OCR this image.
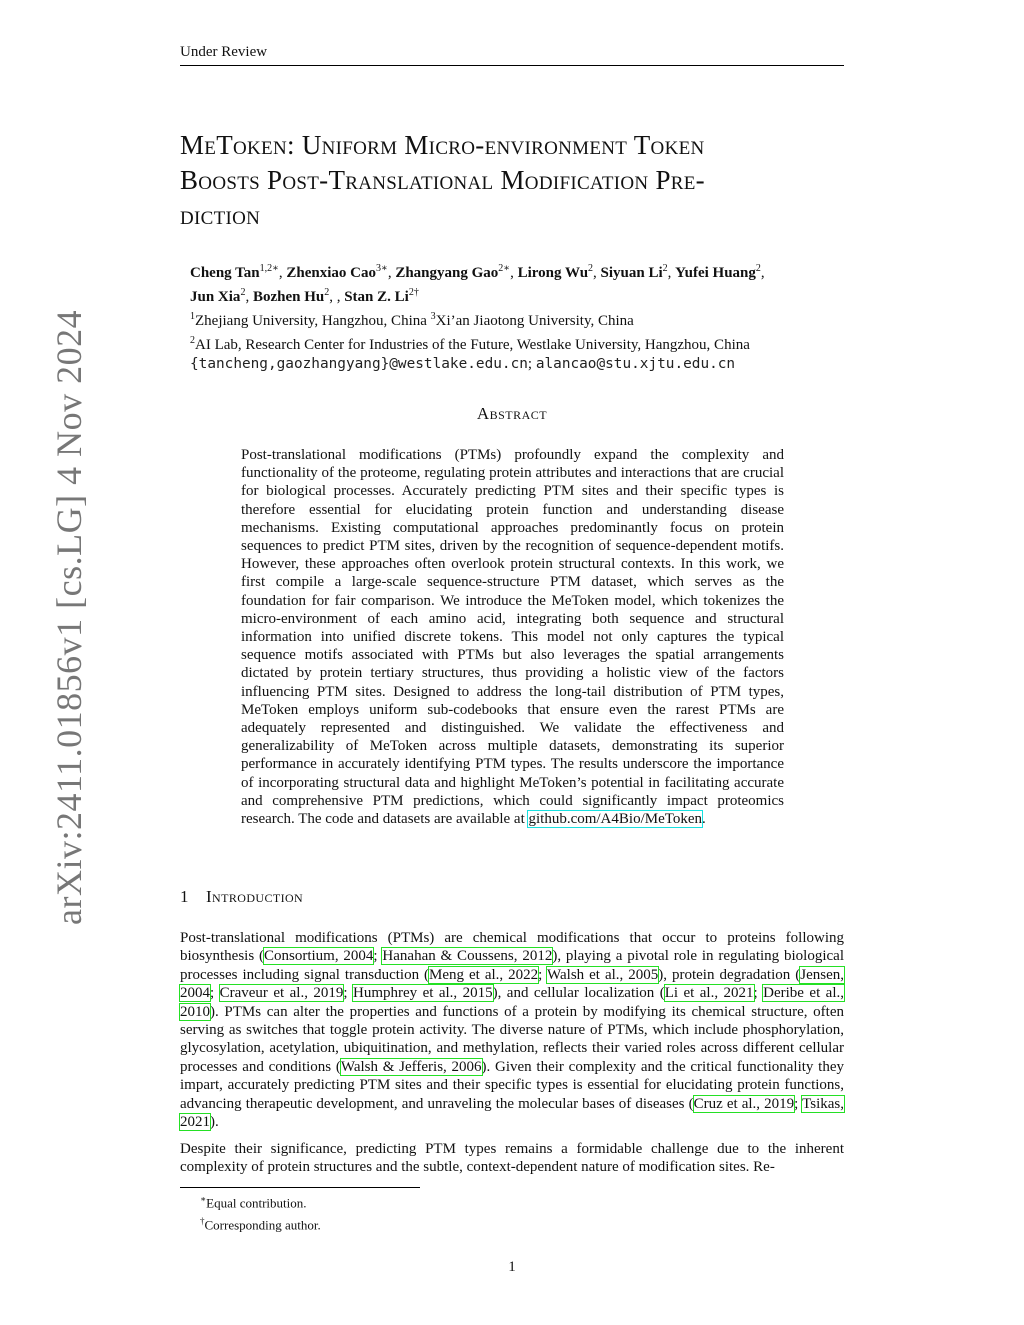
Under Review
arXiv:2411.01856v1 [cs.LG] 4 Nov 2024
MeToken: Uniform Micro-environment Token
Boosts Post-Translational Modification Pre-
diction
Cheng Tan$^{1,2∗}$, Zhenxiao Cao$^{3∗}$, Zhangyang Gao$^{2∗}$, Lirong Wu$^2$, Siyuan Li$^2$, Yufei Huang$^2$,
Jun Xia$^2$, Bozhen Hu$^2$, , Stan Z. $Li^{2\dagger}$
$^1$Zhejiang University, Hangzhou, China $^3$Xi’an Jiaotong University, China
$^2$AI Lab, Research Center for Industries of the Future, Westlake University, Hangzhou, China
{tancheng,gaozhangyang}@westlake.edu.cn; alancao@stu.xjtu.edu.cn
Abstract

Post-translational modifications (PTMs) profoundly expand the complexity and functionality of the proteome, regulating protein attributes and interactions that are crucial for biological processes. Accurately predicting PTM sites and their specific types is therefore essential for elucidating protein function and understanding disease mechanisms. Existing computational approaches predominantly focus on protein sequences to predict PTM sites, driven by the recognition of sequence-dependent motifs. However, these approaches often overlook protein structural contexts. In this work, we first compile a large-scale sequence-structure PTM dataset, which serves as the foundation for fair comparison. We introduce the MeToken model, which tokenizes the micro-environment of each amino acid, integrating both sequence and structural information into unified discrete tokens. This model not only captures the typical sequence motifs associated with PTMs but also leverages the spatial arrangements dictated by protein tertiary structures, thus providing a holistic view of the factors influencing PTM sites. Designed to address the long-tail distribution of PTM types, MeToken employs uniform sub-codebooks that ensure even the rarest PTMs are adequately represented and distinguished. We validate the effectiveness and generalizability of MeToken across multiple datasets, demonstrating its superior performance in accurately identifying PTM types. The results underscore the importance of incorporating structural data and highlight MeToken’s potential in facilitating accurate and comprehensive PTM predictions, which could significantly impact proteomics research. The code and datasets are available at github.com/A4Bio/MeToken.

1 Introduction

Post-translational modifications (PTMs) are chemical modifications that occur to proteins following biosynthesis (Consortium, 2004; Hanahan & Coussens, 2012), playing a pivotal role in regulating biological processes including signal transduction (Meng et al., 2022; Walsh et al., 2005), protein degradation (Jensen, 2004; Craveur et al., 2019; Humphrey et al., 2015), and cellular localization (Li et al., 2021; Deribe et al., 2010). PTMs can alter the properties and functions of a protein by modifying its chemical structure, often serving as switches that toggle protein activity. The diverse nature of PTMs, which include phosphorylation, glycosylation, acetylation, ubiquitination, and methylation, reflects their varied roles across different cellular processes and conditions (Walsh & Jefferis, 2006). Given their complexity and the critical functionality they impart, accurately predicting PTM sites and their specific types is essential for elucidating protein functions, advancing therapeutic development, and unraveling the molecular bases of diseases (Cruz et al., 2019; Tsikas, 2021).

Despite their significance, predicting PTM types remains a formidable challenge due to the inherent complexity of protein structures and the subtle, context-dependent nature of modification sites. Re-

∗Equal contribution.
†Corresponding author.
1
